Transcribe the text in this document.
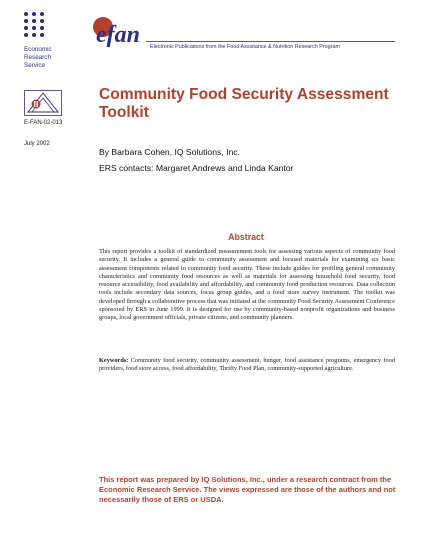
Economic
Research
Service
efan Electronic Publications from the Food Assistance & Nutrition Research Program
E-FAN-02-013
July 2002
Community Food Security Assessment Toolkit
By Barbara Cohen, IQ Solutions, Inc.
ERS contacts: Margaret Andrews and Linda Kantor
Abstract
This report provides a toolkit of standardized measurement tools for assessing various aspects of community food security. It includes a general guide to community assessment and focused materials for examining six basic assessment components related to community food security. These include guides for profiling general community characteristics and community food resources as well as materials for assessing household food security, food resource accessibility, food availability and affordability, and community food production resources. Data collection tools include secondary data sources, focus group guides, and a food store survey instrument. The toolkit was developed through a collaborative process that was initiated at the community Food Security Assessment Conference sponsored by ERS in June 1999. It is designed for use by community-based nonprofit organizations and business groups, local government officials, private citizens, and community planners.
Keywords: Community food security, community assessment, hunger, food assistance programs, emergency food providers, food store access, food affordability, Thrifty Food Plan, community-supported agriculture.
This report was prepared by IQ Solutions, Inc., under a research contract from the Economic Research Service. The views expressed are those of the authors and not necessarily those of ERS or USDA.
